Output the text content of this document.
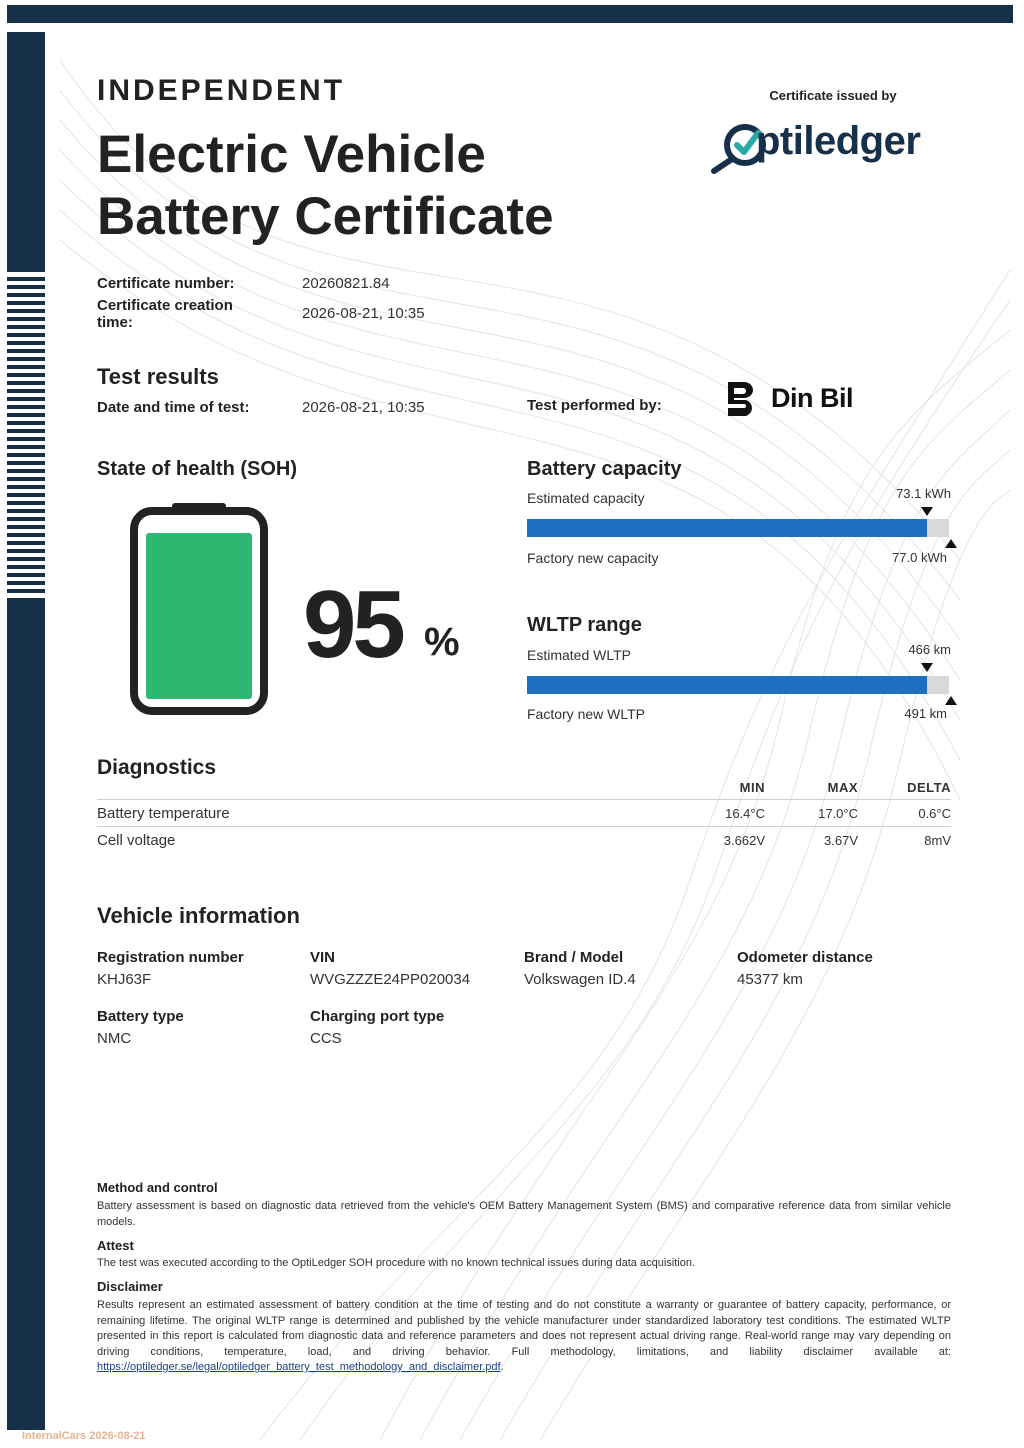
INDEPENDENT
Electric Vehicle
Battery Certificate
Certificate issued by
ptiledger
Certificate number:	20260821.84
Certificate creation
time:
2026-08-21, 10:35
Test results
Date and time of test:	2026-08-21, 10:35	Test performed by:	Din Bil
State of health (SOH)
95 %
Battery capacity
Estimated capacity	73.1 kWh
Factory new capacity	77.0 kWh
WLTP range
Estimated WLTP	466 km
Factory new WLTP	491 km
Diagnostics
MIN	MAX	DELTA
Battery temperature	16.4°C	17.0°C	0.6°C
Cell voltage	3.662V	3.67V	8mV
Vehicle information
Registration number
KHJ63F
VIN
WVGZZZE24PP020034
Brand / Model
Volkswagen ID.4
Odometer distance
45377 km
Battery type
NMC
Charging port type
CCS
Method and control
Battery assessment is based on diagnostic data retrieved from the vehicle's OEM Battery Management System (BMS) and comparative reference data from similar vehicle models.
Attest
The test was executed according to the OptiLedger SOH procedure with no known technical issues during data acquisition.
Disclaimer
Results represent an estimated assessment of battery condition at the time of testing and do not constitute a warranty or guarantee of battery capacity, performance, or remaining lifetime. The original WLTP range is determined and published by the vehicle manufacturer under standardized laboratory test conditions. The estimated WLTP presented in this report is calculated from diagnostic data and reference parameters and does not represent actual driving range. Real-world range may vary depending on driving conditions, temperature, load, and driving behavior. Full methodology, limitations, and liability disclaimer available at: https://optiledger.se/legal/optiledger_battery_test_methodology_and_disclaimer.pdf.
InternalCars 2026-08-21
